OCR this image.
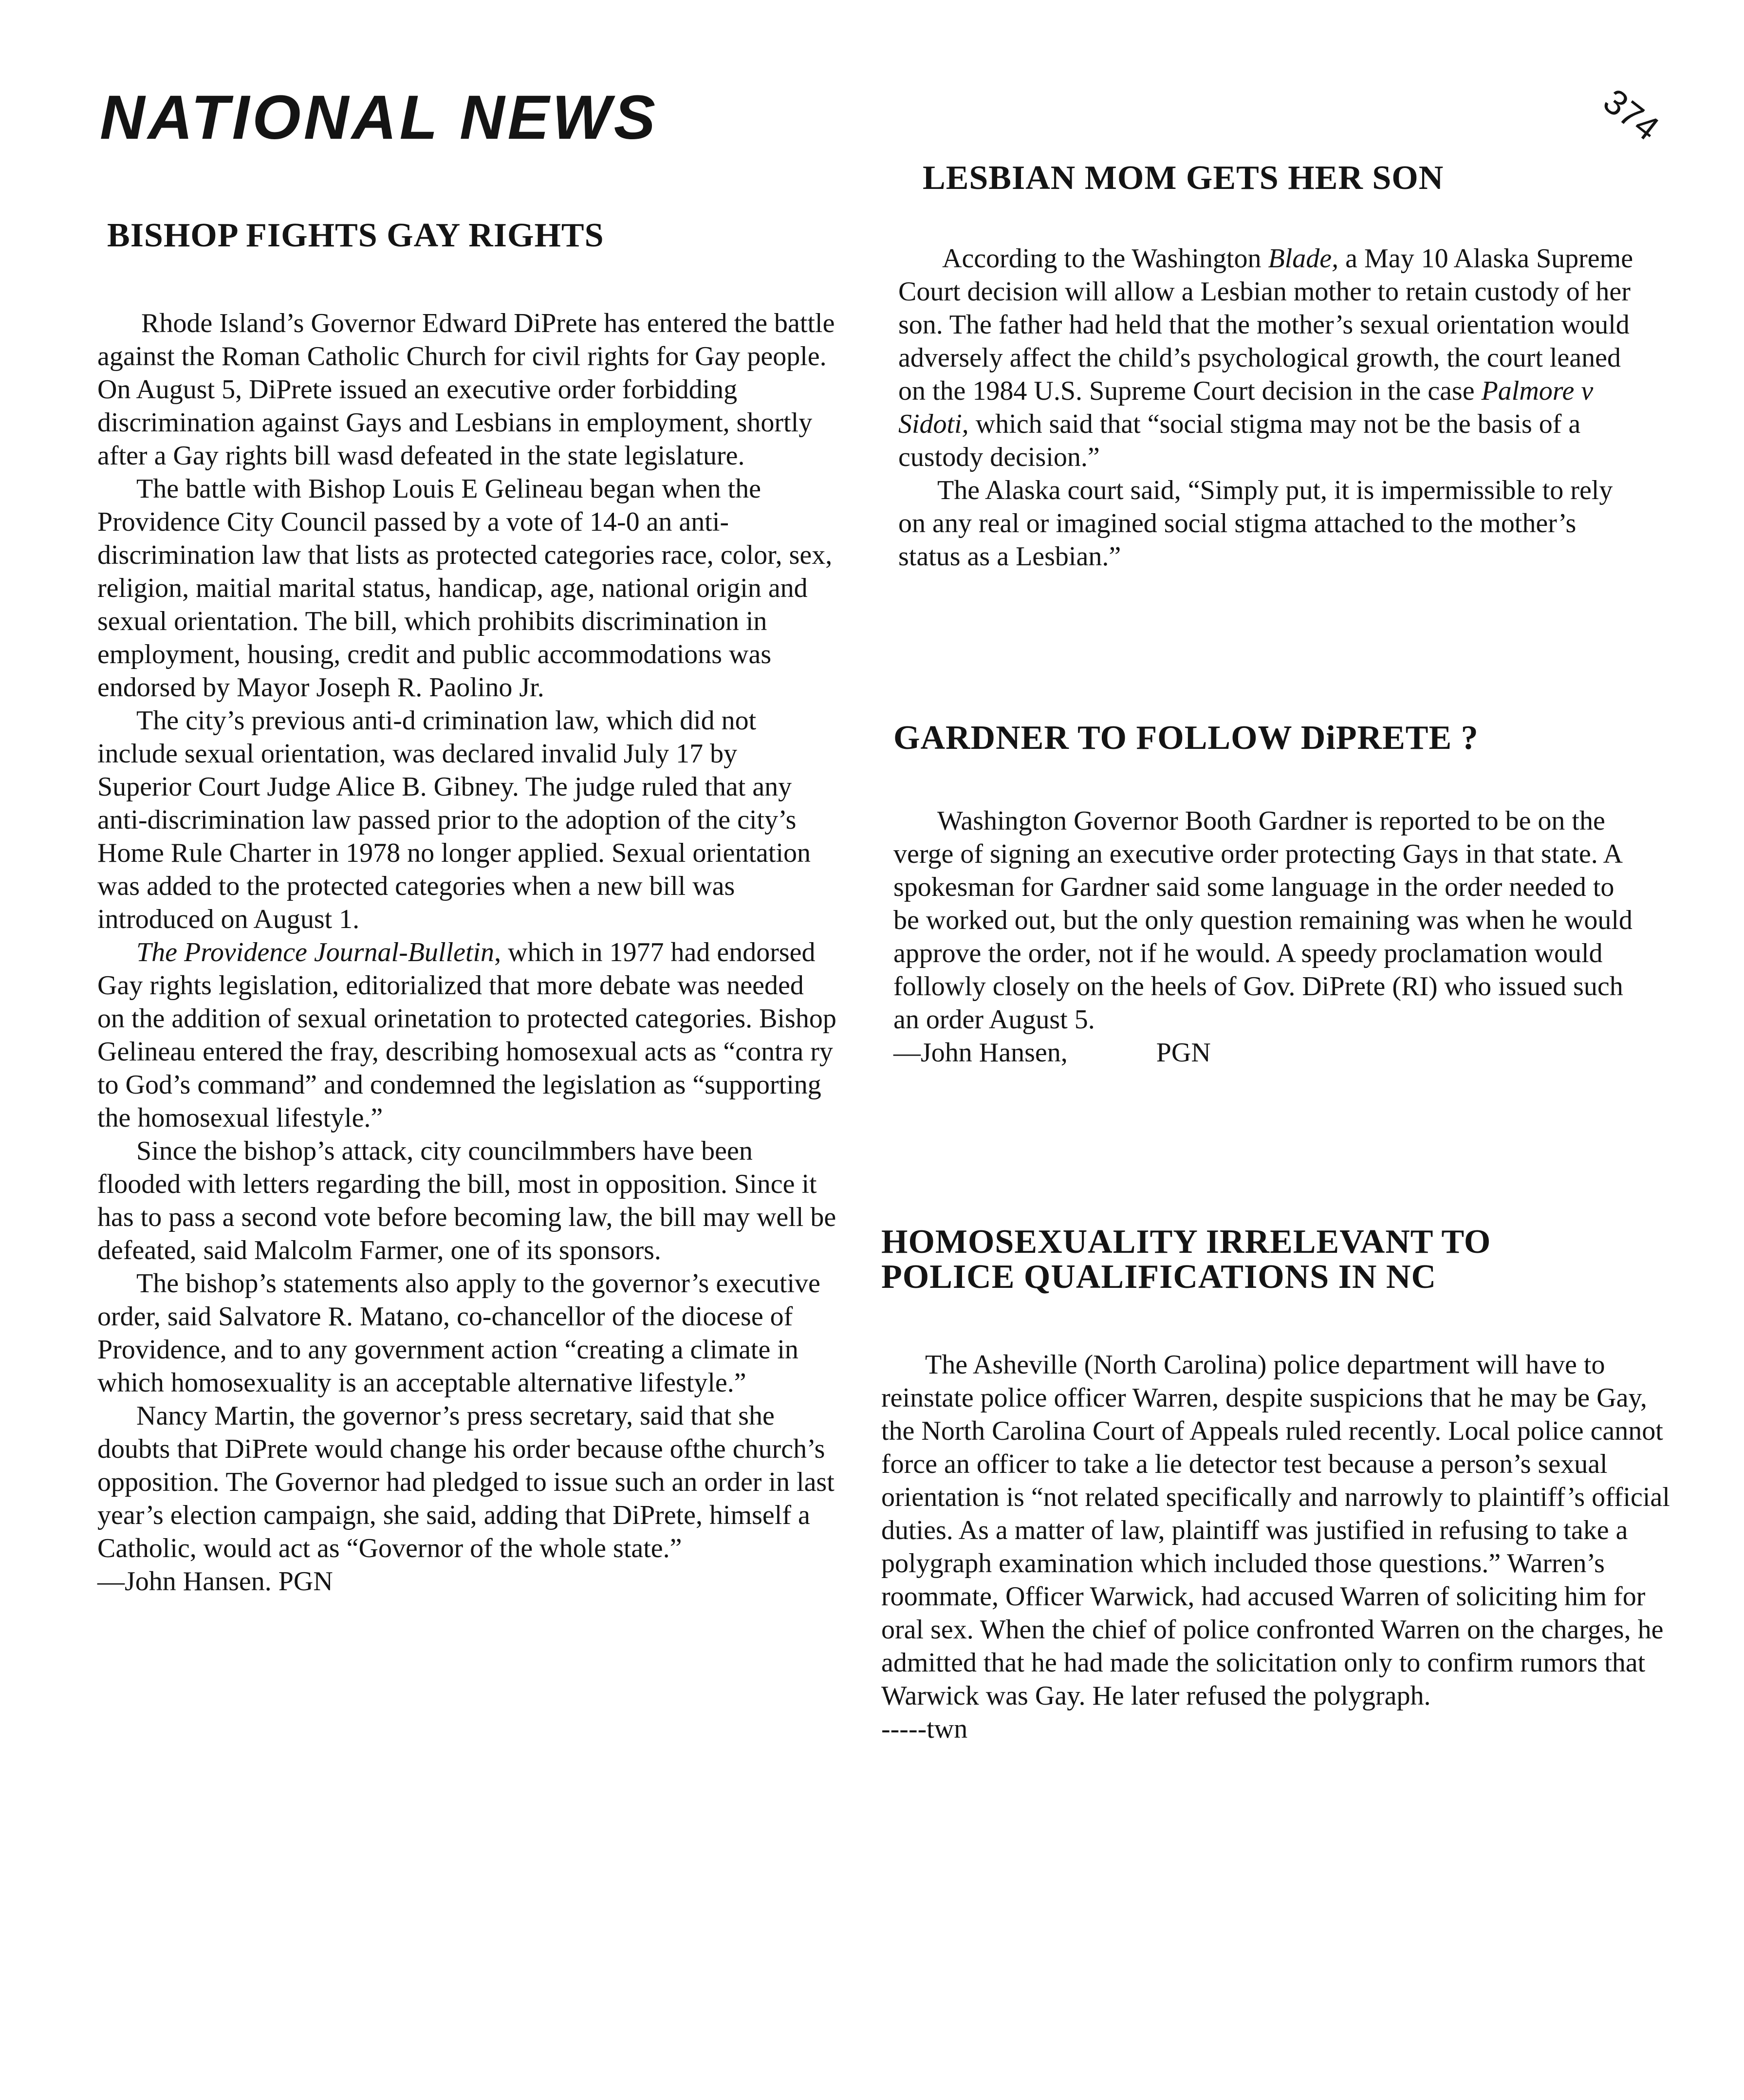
NATIONAL NEWS	374
BISHOP FIGHTS GAY RIGHTS

Rhode Island’s Governor Edward DiPrete has entered the battle against the Roman Catholic Church for civil rights for Gay people. On August 5, DiPrete issued an executive order forbidding discrimination against Gays and Lesbians in employment, shortly after a Gay rights bill wasd defeated in the state legislature.

The battle with Bishop Louis E Gelineau began when the Providence City Council passed by a vote of 14-0 an anti-discrimination law that lists as protected categories race, color, sex, religion, maitial marital status, handicap, age, national origin and sexual orientation. The bill, which prohibits discrimination in employment, housing, credit and public accommodations was endorsed by Mayor Joseph R. Paolino Jr.

The city’s previous anti-d crimination law, which did not include sexual orientation, was declared invalid July 17 by Superior Court Judge Alice B. Gibney. The judge ruled that any anti-discrimination law passed prior to the adoption of the city’s Home Rule Charter in 1978 no longer applied. Sexual orientation was added to the protected categories when a new bill was introduced on August 1.

The Providence Journal-Bulletin, which in 1977 had endorsed Gay rights legislation, editorialized that more debate was needed on the addition of sexual orinetation to protected categories. Bishop Gelineau entered the fray, describing homosexual acts as “contra ry to God’s command” and condemned the legislation as “supporting the homosexual lifestyle.”

Since the bishop’s attack, city councilmmbers have been flooded with letters regarding the bill, most in opposition. Since it has to pass a second vote before becoming law, the bill may well be defeated, said Malcolm Farmer, one of its sponsors.

The bishop’s statements also apply to the governor’s executive order, said Salvatore R. Matano, co-chancellor of the diocese of Providence, and to any government action “creating a climate in which homosexuality is an acceptable alternative lifestyle.”

Nancy Martin, the governor’s press secretary, said that she doubts that DiPrete would change his order because ofthe church’s opposition. The Governor had pledged to issue such an order in last year’s election campaign, she said, adding that DiPrete, himself a Catholic, would act as “Governor of the whole state.”

—John Hansen. PGN

LESBIAN MOM GETS HER SON

According to the Washington Blade, a May 10 Alaska Supreme Court decision will allow a Lesbian mother to retain custody of her son. The father had held that the mother’s sexual orientation would adversely affect the child’s psychological growth, the court leaned on the 1984 U.S. Supreme Court decision in the case Palmore v Sidoti, which said that “social stigma may not be the basis of a custody decision.”

The Alaska court said, “Simply put, it is impermissible to rely on any real or imagined social stigma attached to the mother’s status as a Lesbian.”

GARDNER TO FOLLOW DiPRETE ?

Washington Governor Booth Gardner is reported to be on the verge of signing an executive order protecting Gays in that state. A spokesman for Gardner said some language in the order needed to be worked out, but the only question remaining was when he would approve the order, not if he would. A speedy proclamation would followly closely on the heels of Gov. DiPrete (RI) who issued such an order August 5.

—John Hansen,             PGN

HOMOSEXUALITY IRRELEVANT TO
POLICE QUALIFICATIONS IN NC

The Asheville (North Carolina) police department will have to reinstate police officer Warren, despite suspicions that he may be Gay, the North Carolina Court of Appeals ruled recently. Local police cannot force an officer to take a lie detector test because a person’s sexual orientation is “not related specifically and narrowly to plaintiff’s official duties. As a matter of law, plaintiff was justified in refusing to take a polygraph examination which included those questions.” Warren’s roommate, Officer Warwick, had accused Warren of soliciting him for oral sex. When the chief of police confronted Warren on the charges, he admitted that he had made the solicitation only to confirm rumors that Warwick was Gay. He later refused the polygraph.

-----twn
